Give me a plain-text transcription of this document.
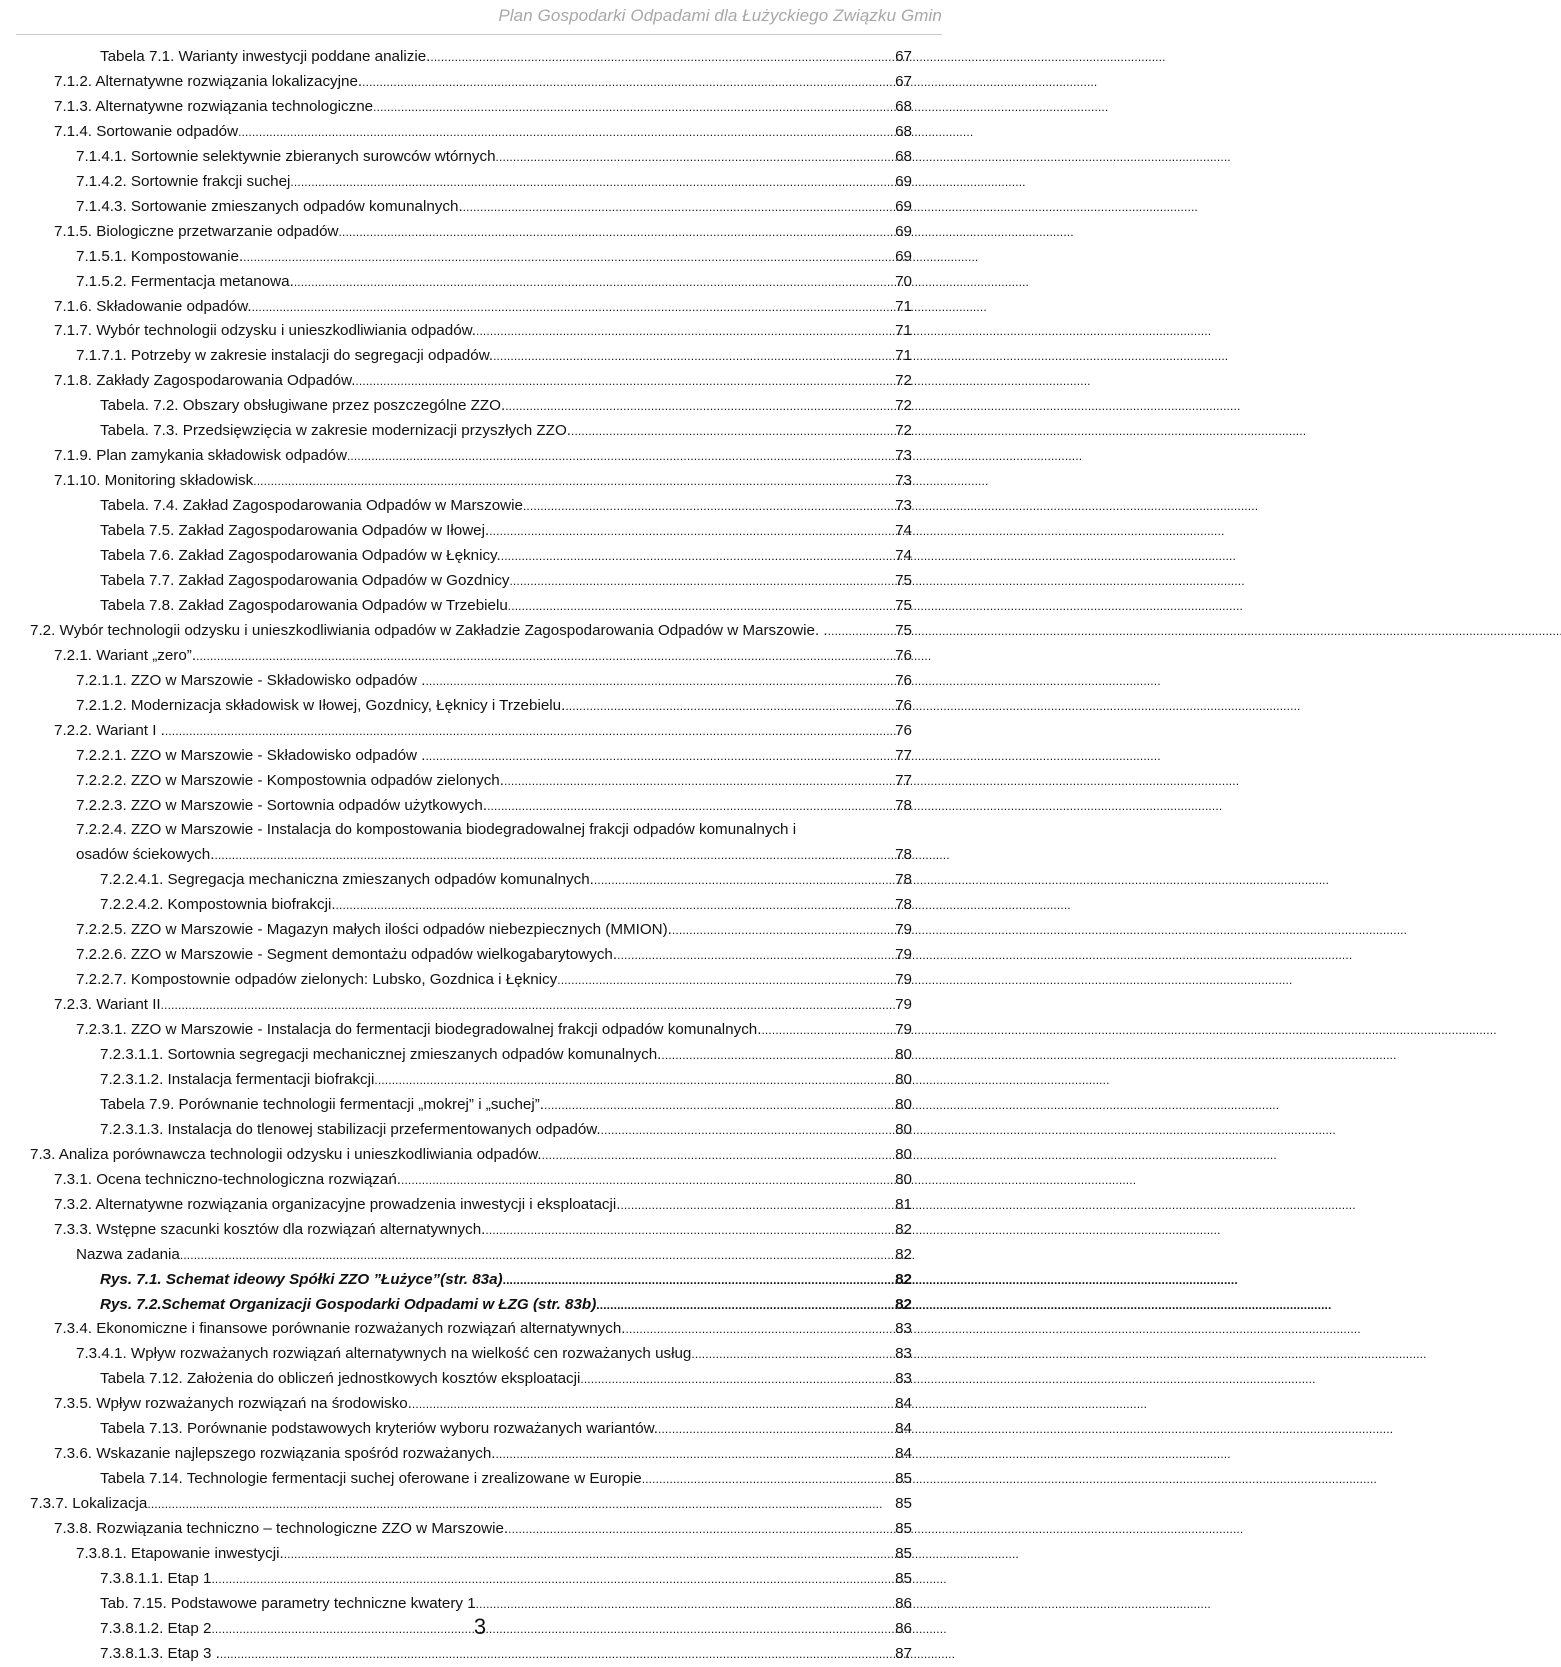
Plan Gospodarki Odpadami dla Łużyckiego Związku Gmin
Tabela 7.1. Warianty inwestycji poddane analizie. . . .	67
7.1.2. Alternatywne rozwiązania lokalizacyjne. . . .	67
7.1.3. Alternatywne rozwiązania technologiczne . . .	68
7.1.4. Sortowanie odpadów . . .	68
7.1.4.1. Sortownie selektywnie zbieranych surowców wtórnych . . .	68
7.1.4.2. Sortownie frakcji suchej . . .	69
7.1.4.3. Sortowanie zmieszanych odpadów komunalnych. . . .	69
7.1.5. Biologiczne przetwarzanie odpadów . . .	69
7.1.5.1. Kompostowanie. . . .	69
7.1.5.2. Fermentacja metanowa. . . .	70
7.1.6. Składowanie odpadów. . . .	71
7.1.7. Wybór technologii odzysku i unieszkodliwiania odpadów. . . .	71
7.1.7.1. Potrzeby w zakresie instalacji do segregacji odpadów. . . .	71
7.1.8. Zakłady Zagospodarowania Odpadów. . . .	72
Tabela. 7.2. Obszary obsługiwane przez poszczególne ZZO. . . .	72
Tabela. 7.3. Przedsięwzięcia w zakresie modernizacji przyszłych ZZO. . . .	72
7.1.9. Plan zamykania składowisk odpadów . . .	73
7.1.10. Monitoring składowisk . . .	73
Tabela. 7.4. Zakład Zagospodarowania Odpadów w Marszowie . . .	73
Tabela 7.5. Zakład Zagospodarowania Odpadów w Iłowej. . . .	74
Tabela 7.6. Zakład Zagospodarowania Odpadów w Łęknicy. . . .	74
Tabela 7.7. Zakład Zagospodarowania Odpadów w Gozdnicy . . .	75
Tabela 7.8. Zakład Zagospodarowania Odpadów w Trzebielu . . .	75
7.2. Wybór technologii odzysku i unieszkodliwiania odpadów w Zakładzie Zagospodarowania Odpadów w Marszowie. . . . .	75
7.2.1. Wariant „zero”. . . .	76
7.2.1.1. ZZO w Marszowie - Składowisko odpadów . . . .	76
7.2.1.2. Modernizacja składowisk w Iłowej, Gozdnicy, Łęknicy i Trzebielu. . . .	76
7.2.2. Wariant I . . . .	76
7.2.2.1. ZZO w Marszowie - Składowisko odpadów . . . .	77
7.2.2.2. ZZO w Marszowie - Kompostownia odpadów zielonych. . . .	77
7.2.2.3. ZZO w Marszowie - Sortownia odpadów użytkowych. . . .	78
7.2.2.4. ZZO w Marszowie - Instalacja do kompostowania biodegradowalnej frakcji odpadów komunalnych i
osadów ściekowych. . . .	78
7.2.2.4.1. Segregacja mechaniczna zmieszanych odpadów komunalnych. . . .	78
7.2.2.4.2. Kompostownia biofrakcji. . . .	78
7.2.2.5. ZZO w Marszowie - Magazyn małych ilości odpadów niebezpiecznych (MMION). . . .	79
7.2.2.6. ZZO w Marszowie - Segment demontażu odpadów wielkogabarytowych. . . .	79
7.2.2.7. Kompostownie odpadów zielonych: Lubsko, Gozdnica i Łęknicy . . .	79
7.2.3. Wariant II . . .	79
7.2.3.1. ZZO w Marszowie - Instalacja do fermentacji biodegradowalnej frakcji odpadów komunalnych. . . .	79
7.2.3.1.1. Sortownia segregacji mechanicznej zmieszanych odpadów komunalnych. . . .	80
7.2.3.1.2. Instalacja fermentacji biofrakcji . . .	80
Tabela 7.9. Porównanie technologii fermentacji „mokrej” i „suchej”. . . .	80
7.2.3.1.3. Instalacja do tlenowej stabilizacji przefermentowanych odpadów. . . .	80
7.3. Analiza porównawcza technologii odzysku i unieszkodliwiania odpadów. . . .	80
7.3.1. Ocena techniczno-technologiczna rozwiązań. . . .	80
7.3.2. Alternatywne rozwiązania organizacyjne prowadzenia inwestycji i eksploatacji. . . .	81
7.3.3. Wstępne szacunki kosztów dla rozwiązań alternatywnych. . . .	82
Nazwa zadania . . .	82
Rys. 7.1. Schemat ideowy Spółki ZZO ”Łużyce”(str. 83a) . . .	82
Rys. 7.2.Schemat Organizacji Gospodarki Odpadami w ŁZG (str. 83b) . . .	82
7.3.4. Ekonomiczne i finansowe porównanie rozważanych rozwiązań alternatywnych. . . .	83
7.3.4.1. Wpływ rozważanych rozwiązań alternatywnych na wielkość cen rozważanych usług . . .	83
Tabela 7.12. Założenia do obliczeń jednostkowych kosztów eksploatacji . . .	83
7.3.5. Wpływ rozważanych rozwiązań na środowisko. . . .	84
Tabela 7.13. Porównanie podstawowych kryteriów wyboru rozważanych wariantów. . . .	84
7.3.6. Wskazanie najlepszego rozwiązania spośród rozważanych. . . .	84
Tabela 7.14. Technologie fermentacji suchej oferowane i zrealizowane w Europie . . .	85
7.3.7. Lokalizacja . . .	85
7.3.8. Rozwiązania techniczno – technologiczne ZZO w Marszowie. . . .	85
7.3.8.1. Etapowanie inwestycji. . . .	85
7.3.8.1.1. Etap 1 . . .	85
Tab. 7.15. Podstawowe parametry techniczne kwatery 1 . . .	86
7.3.8.1.2. Etap 2 . . .	86
7.3.8.1.3. Etap 3 . . . .	87
3
